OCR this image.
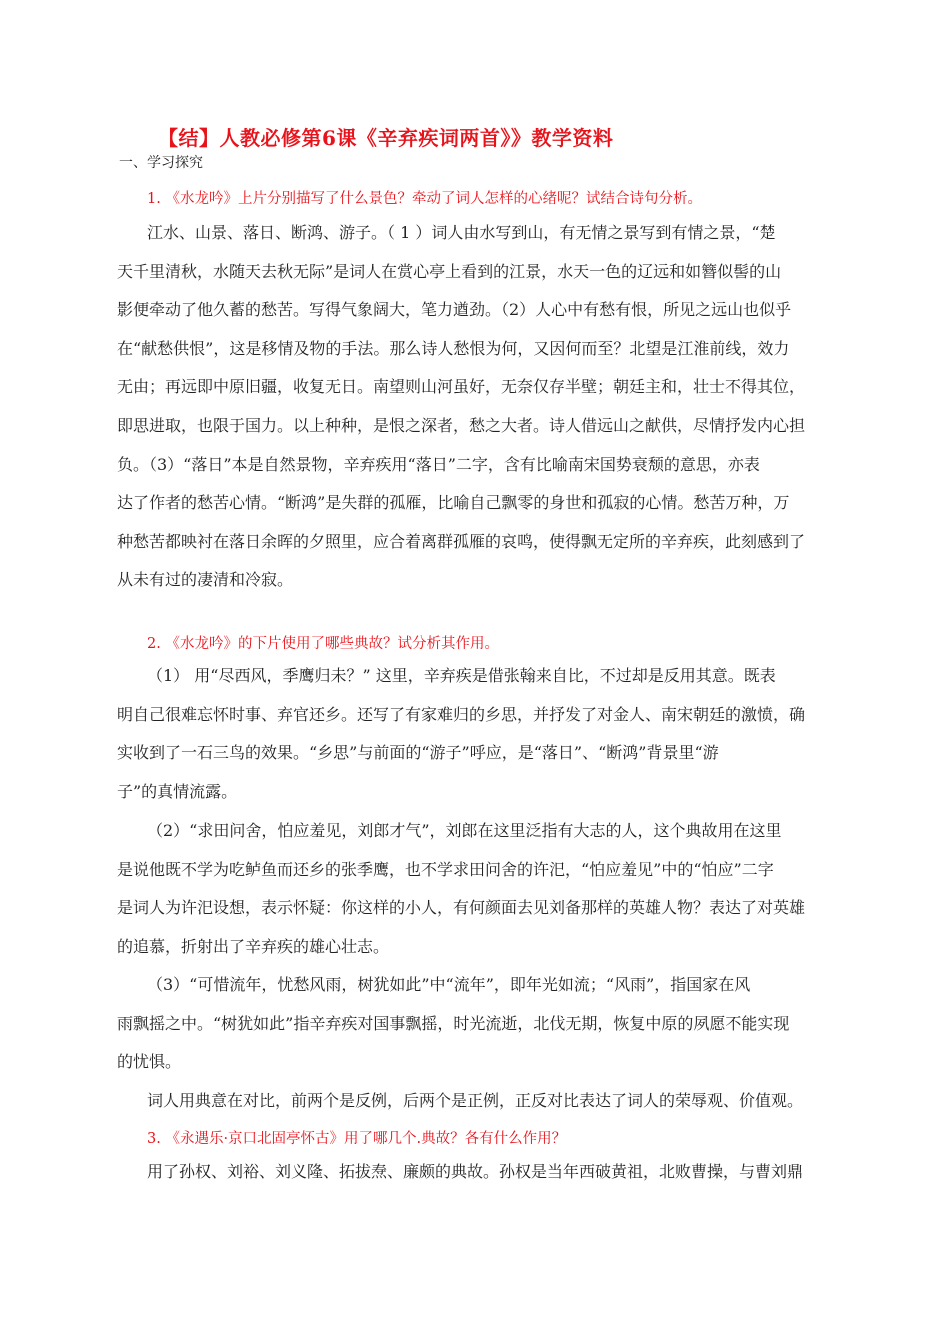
【结】人教必修第6课《辛弃疾词两首》》教学资料
一、学习探究
1. 《水龙吟》上片分别描写了什么景色？牵动了词人怎样的心绪呢？试结合诗句分析。
江水、山景、落日、断鸿、游子。（ 1 ）词人由水写到山，有无情之景写到有情之景，“楚
天千里清秋，水随天去秋无际”是词人在赏心亭上看到的江景，水天一色的辽远和如簪似髻的山
影便牵动了他久蓄的愁苦。写得气象阔大，笔力遒劲。（2）人心中有愁有恨，所见之远山也似乎
在“献愁供恨”，这是移情及物的手法。那么诗人愁恨为何，又因何而至？北望是江淮前线，效力
无由；再远即中原旧疆，收复无日。南望则山河虽好，无奈仅存半壁；朝廷主和，壮士不得其位，
即思进取，也限于国力。以上种种，是恨之深者，愁之大者。诗人借远山之献供，尽情抒发内心担
负。（3）“落日”本是自然景物，辛弃疾用“落日”二字，含有比喻南宋国势衰颓的意思，亦表
达了作者的愁苦心情。“断鸿”是失群的孤雁，比喻自己飘零的身世和孤寂的心情。愁苦万种，万
种愁苦都映衬在落日余晖的夕照里，应合着离群孤雁的哀鸣，使得飘无定所的辛弃疾，此刻感到了
从未有过的凄清和冷寂。
2. 《水龙吟》的下片使用了哪些典故？试分析其作用。
（1） 用“尽西风，季鹰归未？” 这里，辛弃疾是借张翰来自比，不过却是反用其意。既表
明自己很难忘怀时事、弃官还乡。还写了有家难归的乡思，并抒发了对金人、南宋朝廷的激愤，确
实收到了一石三鸟的效果。“乡思”与前面的“游子”呼应，是“落日”、“断鸿”背景里“游
子”的真情流露。
（2）“求田问舍，怕应羞见，刘郎才气”，刘郎在这里泛指有大志的人，这个典故用在这里
是说他既不学为吃鲈鱼而还乡的张季鹰，也不学求田问舍的许汜，“怕应羞见”中的“怕应”二字
是词人为许汜设想，表示怀疑：你这样的小人，有何颜面去见刘备那样的英雄人物？表达了对英雄
的追慕，折射出了辛弃疾的雄心壮志。
（3）“可惜流年，忧愁风雨，树犹如此”中“流年”，即年光如流；“风雨”，指国家在风
雨飘摇之中。“树犹如此”指辛弃疾对国事飘摇，时光流逝，北伐无期，恢复中原的夙愿不能实现
的忧惧。
词人用典意在对比，前两个是反例，后两个是正例，正反对比表达了词人的荣辱观、价值观。
3. 《永遇乐·京口北固亭怀古》用了哪几个.典故？各有什么作用？
用了孙权、刘裕、刘义隆、拓拔焘、廉颇的典故。孙权是当年西破黄祖，北败曹操，与曹刘鼎
